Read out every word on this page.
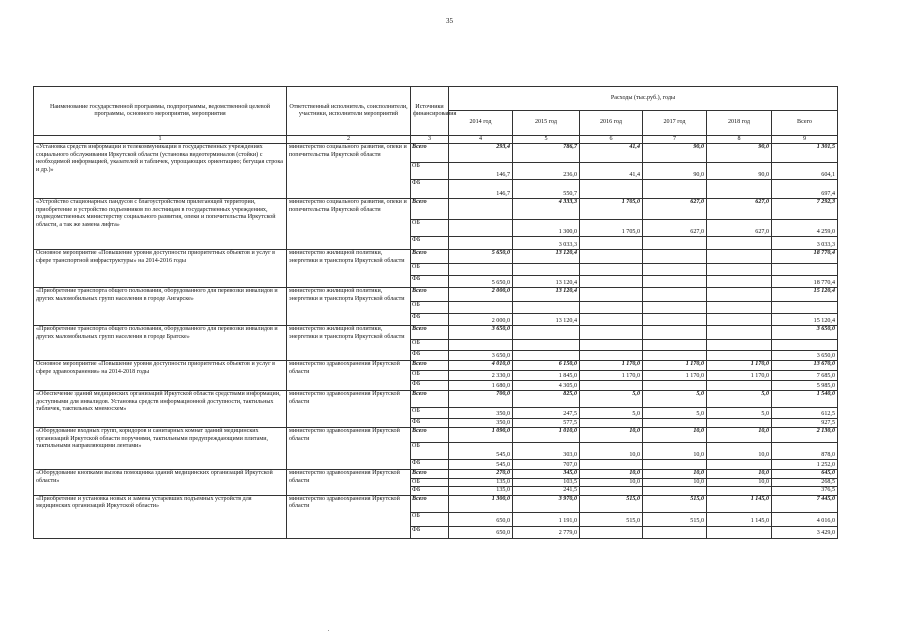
35
Наименование государственной программы, подпрограммы, ведомственной целевой программы, основного мероприятия, мероприятия	Ответственный исполнитель, соисполнители, участники, исполнители мероприятий	Источники финансирования	Расходы (тыс.руб.), годы					
			2014 год	2015 год	2016 год	2017 год	2018 год	Всего
1	2	3	4	5	6	7	8	9
«Установка средств информации и телекоммуникации в государственных учреждениях социального обслуживания Иркутской области (установка видеотерминалов (стойки) с необходимой информацией, указателей и табличек, упрощающих ориентацию; бегущая строка и др.)»	министерство социального развития, опеки и попечительства Иркутской области	Всего	293,4	786,7	41,4	90,0	90,0	1 301,5
		ОБ	146,7	236,0	41,4	90,0	90,0	604,1
		ФБ	146,7	550,7				697,4
«Устройство стационарных пандусов с благоустройством прилегающей территории, приобретение и устройство подъемников по лестницам в государственных учреждениях, подведомственных министерству социального развития, опеки и попечительства Иркутской области, а так же замена лифта»	министерство социального развития, опеки и попечительства Иркутской области	Всего		4 333,3	1 705,0	627,0	627,0	7 292,3
		ОБ		1 300,0	1 705,0	627,0	627,0	4 259,0
		ФБ		3 033,3				3 033,3
Основное мероприятие «Повышение уровня доступности приоритетных объектов и услуг в сфере транспортной инфраструктуры» на 2014-2016 годы	министерство жилищной политики, энергетики и транспорта Иркутской области	Всего	5 650,0	13 120,4				18 770,4
		ОБ						
		ФБ	5 650,0	13 120,4				18 770,4
«Приобретение транспорта общего пользования, оборудованного для перевозки инвалидов и других маломобильных групп населения в городе Ангарске»	министерство жилищной политики, энергетики и транспорта Иркутской области	Всего	2 000,0	13 120,4				15 120,4
		ОБ						
		ФБ	2 000,0	13 120,4				15 120,4
«Приобретение транспорта общего пользования, оборудованного для перевозки инвалидов и других маломобильных групп населения в городе Братске»	министерство жилищной политики, энергетики и транспорта Иркутской области	Всего	3 650,0					3 650,0
		ОБ						
		ФБ	3 650,0					3 650,0
Основное мероприятие «Повышение уровня доступности приоритетных объектов и услуг в сфере здравоохранения» на 2014-2018 годы	министерство здравоохранения Иркутской области	Всего	4 010,0	6 150,0	1 170,0	1 170,0	1 170,0	13 670,0
		ОБ	2 330,0	1 845,0	1 170,0	1 170,0	1 170,0	7 685,0
		ФБ	1 680,0	4 305,0				5 985,0
«Обеспечение зданий медицинских организаций Иркутской области средствами информации, доступными для инвалидов. Установка средств информационной доступности, тактильных табличек, тактильных мнемосхем»	министерство здравоохранения Иркутской области	Всего	700,0	825,0	5,0	5,0	5,0	1 540,0
		ОБ	350,0	247,5	5,0	5,0	5,0	612,5
		ФБ	350,0	577,5				927,5
«Оборудование входных групп, коридоров и санитарных комнат зданий медицинских организаций Иркутской области поручнями, тактильными предупреждающими плитами, тактильными направляющими лентами»	министерство здравоохранения Иркутской области	Всего	1 090,0	1 010,0	10,0	10,0	10,0	2 130,0
		ОБ	545,0	303,0	10,0	10,0	10,0	878,0
		ФБ	545,0	707,0				1 252,0
«Оборудование кнопками вызова помощника зданий медицинских организаций Иркутской области»	министерство здравоохранения Иркутской области	Всего	270,0	345,0	10,0	10,0	10,0	645,0
		ОБ	135,0	103,5	10,0	10,0	10,0	268,5
		ФБ	135,0	241,5				376,5
«Приобретение и установка новых и замена устаревших подъемных устройств для медицинских организаций Иркутской области»	министерство здравоохранения Иркутской области	Всего	1 300,0	3 970,0	515,0	515,0	1 145,0	7 445,0
		ОБ	650,0	1 191,0	515,0	515,0	1 145,0	4 016,0
		ФБ	650,0	2 779,0				3 429,0
